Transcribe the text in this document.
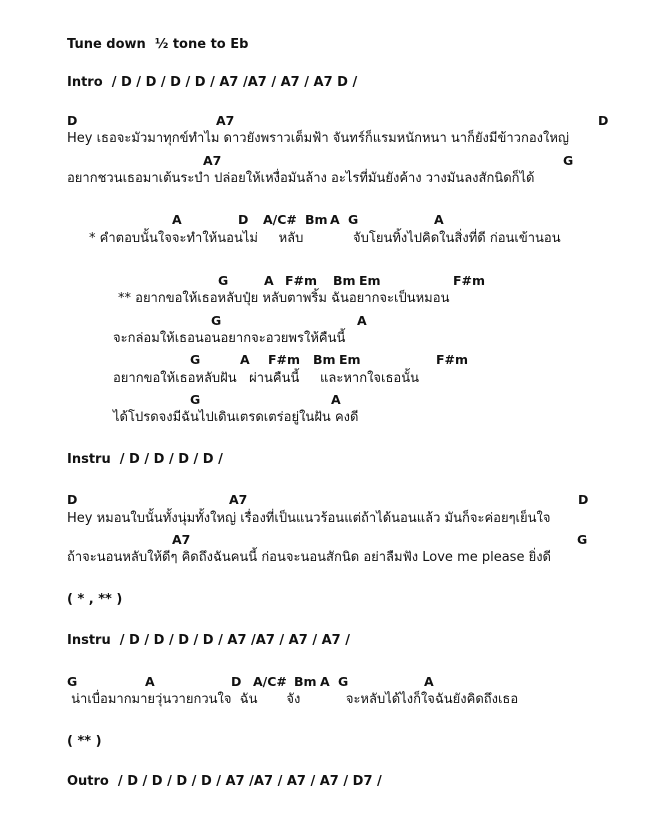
Tune down  ½ tone to Eb
Intro  / D / D / D / D / A7 /A7 / A7 / A7 D /
Hey เธอจะมัวมาทุกข์ทำไม ดาวยังพราวเต็มฟ้า จันทร์ก็แรมหนักหนา นาก็ยังมีข้าวกองใหญ่
อยากชวนเธอมาเต้นระบำ ปล่อยให้เหงื่อมันล้าง อะไรที่มันยังค้าง วางมันลงสักนิดก็ได้
* คำตอบนั้นใจจะทำให้นอนไม่     หลับ            จับโยนทิ้งไปคิดในสิ่งที่ดี ก่อนเข้านอน
** อยากขอให้เธอหลับปุ๋ย หลับตาพริ้ม ฉันอยากจะเป็นหมอน
จะกล่อมให้เธอนอนอยากจะอวยพรให้คืนนี้
อยากขอให้เธอหลับฝัน   ผ่านคืนนี้     และหากใจเธอนั้น
ได้โปรดจงมีฉันไปเดินเตรดเตร่อยู่ในฝัน คงดี
Instru  / D / D / D / D /
Hey หมอนใบนั้นทั้งนุ่มทั้งใหญ่ เรื่องที่เป็นแนวร้อนแต่ถ้าได้นอนแล้ว มันก็จะค่อยๆเย็นใจ
ถ้าจะนอนหลับให้ดีๆ คิดถึงฉันคนนี้ ก่อนจะนอนสักนิด อย่าลืมฟัง Love me please ยิ่งดี
( * , ** )
Instru  / D / D / D / D / A7 /A7 / A7 / A7 /
น่าเบื่อมากมายวุ่นวายกวนใจ  ฉัน       จัง           จะหลับได้ไงก็ใจฉันยังคิดถึงเธอ
( ** )
Outro  / D / D / D / D / A7 /A7 / A7 / A7 / D7 /
D	A7	D
A7	G
A	D A/C# Bm A G	A
G	A F#m Bm Em	F#m
G	A
G	A F#m Bm Em	F#m
G	A
D	A7	D
A7	G
G	A	D A/C# Bm A G	A
